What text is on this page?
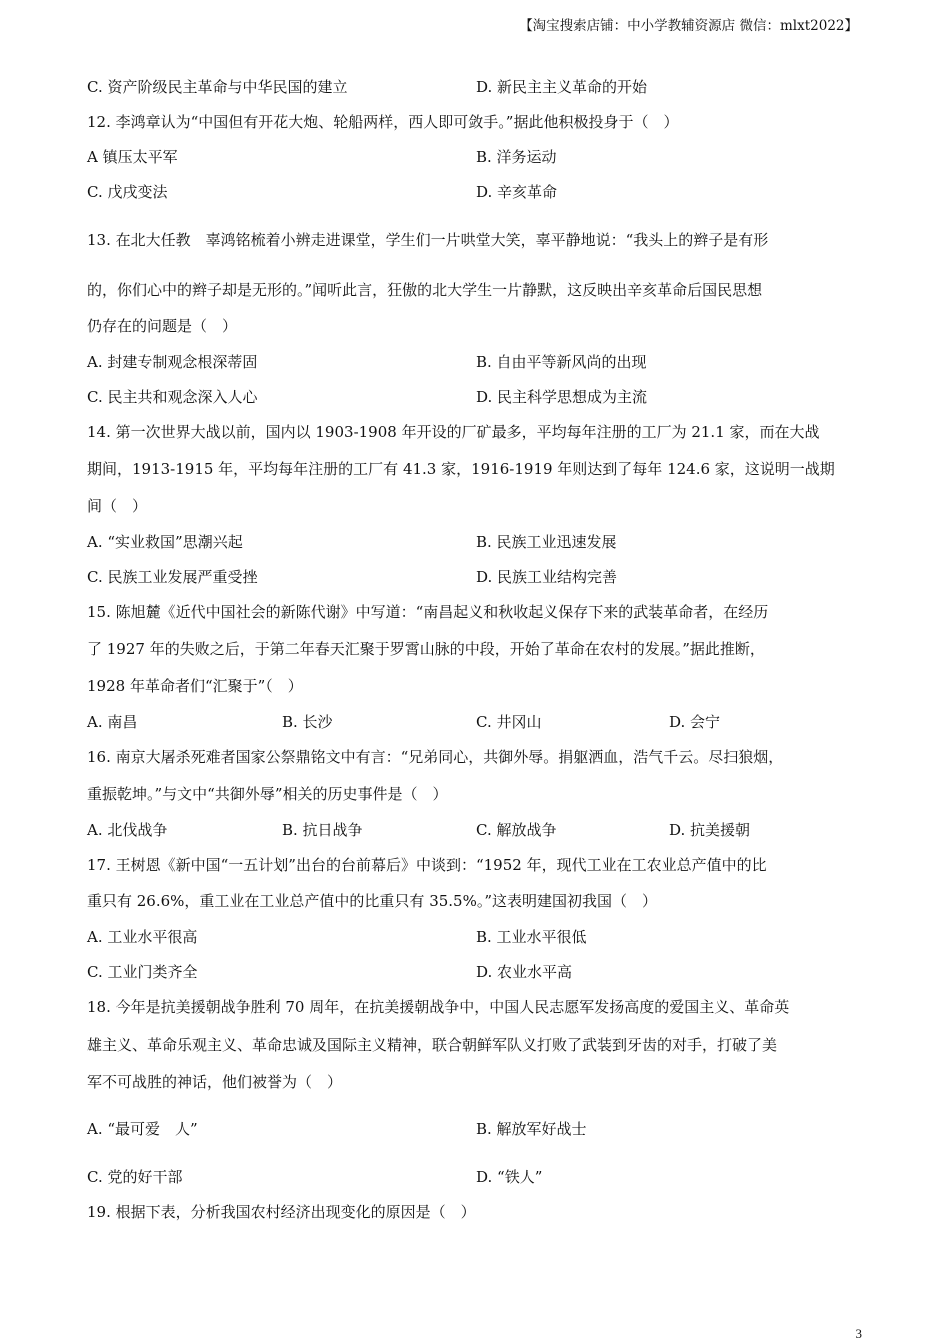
【淘宝搜索店铺：中小学教辅资源店 微信：mlxt2022】
C. 资产阶级民主革命与中华民国的建立	D. 新民主主义革命的开始
12. 李鸿章认为“中国但有开花大炮、轮船两样，西人即可敛手。”据此他积极投身于（　）
A 镇压太平军	B. 洋务运动
C. 戊戌变法	D. 辛亥革命
13. 在北大任教　辜鸿铭梳着小辨走进课堂，学生们一片哄堂大笑，辜平静地说：“我头上的辫子是有形
的，你们心中的辫子却是无形的。”闻听此言，狂傲的北大学生一片静默，这反映出辛亥革命后国民思想
仍存在的问题是（　）
A. 封建专制观念根深蒂固	B. 自由平等新风尚的出现
C. 民主共和观念深入人心	D. 民主科学思想成为主流
14. 第一次世界大战以前，国内以 1903-1908 年开设的厂矿最多，平均每年注册的工厂为 21.1 家，而在大战
期间，1913-1915 年，平均每年注册的工厂有 41.3 家，1916-1919 年则达到了每年 124.6 家，这说明一战期
间（　）
A. “实业救国”思潮兴起	B. 民族工业迅速发展
C. 民族工业发展严重受挫	D. 民族工业结构完善
15. 陈旭麓《近代中国社会的新陈代谢》中写道：“南昌起义和秋收起义保存下来的武装革命者，在经历
了 1927 年的失败之后，于第二年春天汇聚于罗霄山脉的中段，开始了革命在农村的发展。”据此推断，
1928 年革命者们“汇聚于”（　）
A. 南昌	B. 长沙	C. 井冈山	D. 会宁
16. 南京大屠杀死难者国家公祭鼎铭文中有言：“兄弟同心，共御外辱。捐躯洒血，浩气千云。尽扫狼烟，
重振乾坤。”与文中“共御外辱”相关的历史事件是（　）
A. 北伐战争	B. 抗日战争	C. 解放战争	D. 抗美援朝
17. 王树恩《新中国“一五计划”出台的台前幕后》中谈到：“1952 年，现代工业在工农业总产值中的比
重只有 26.6%，重工业在工业总产值中的比重只有 35.5%。”这表明建国初我国（　）
A. 工业水平很高	B. 工业水平很低
C. 工业门类齐全	D. 农业水平高
18. 今年是抗美援朝战争胜利 70 周年，在抗美援朝战争中，中国人民志愿军发扬高度的爱国主义、革命英
雄主义、革命乐观主义、革命忠诚及国际主义精神，联合朝鲜军队义打败了武装到牙齿的对手，打破了美
军不可战胜的神话，他们被誉为（　）
A. “最可爱　人”	B. 解放军好战士
C. 党的好干部	D. “铁人”
19. 根据下表，分析我国农村经济出现变化的原因是（　）
3
